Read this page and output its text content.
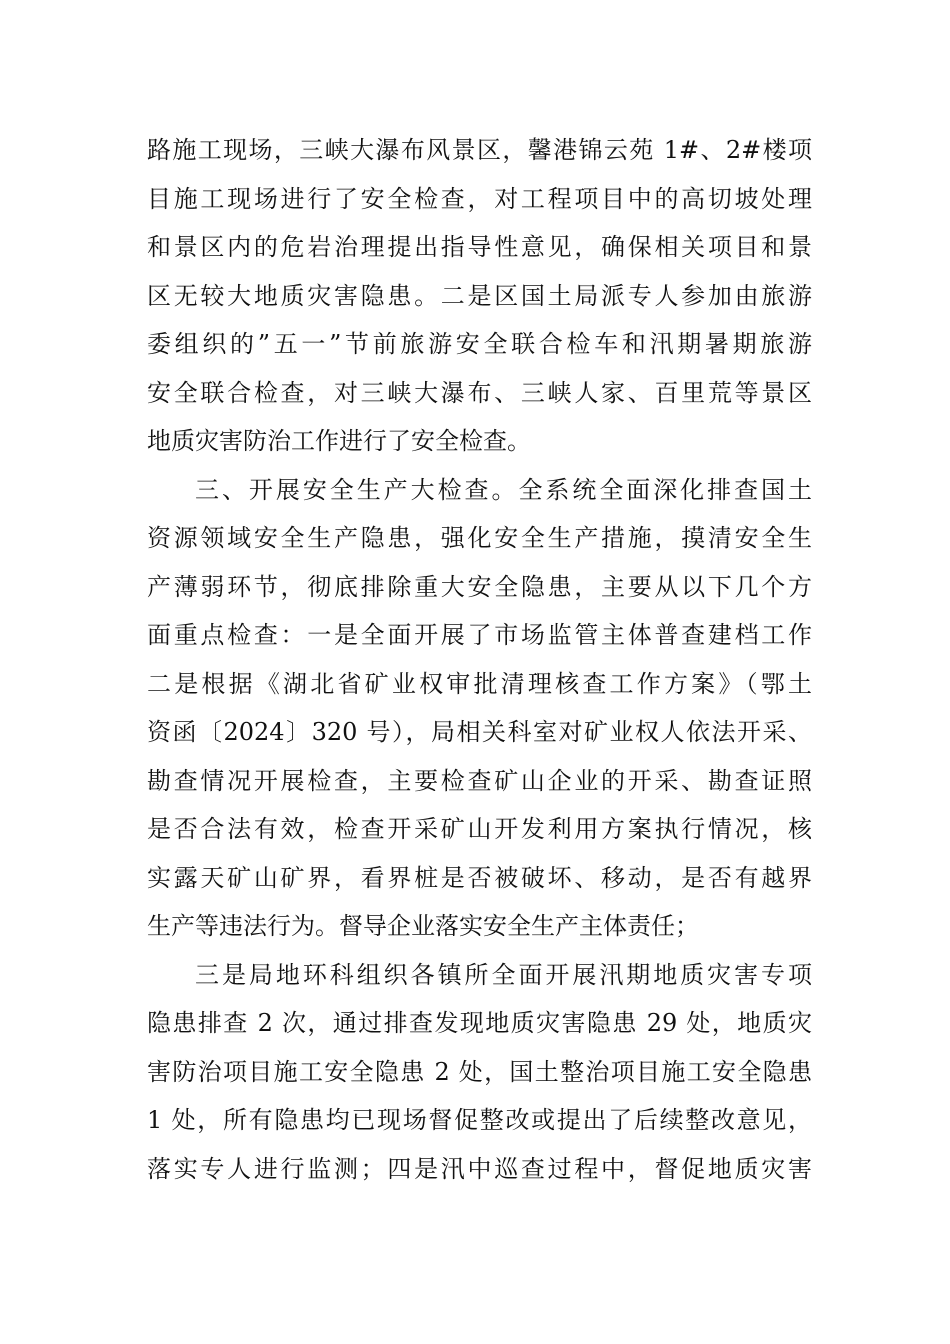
路施工现场，三峡大瀑布风景区，馨港锦云苑 1#、2#楼项
目施工现场进行了安全检查，对工程项目中的高切坡处理
和景区内的危岩治理提出指导性意见，确保相关项目和景
区无较大地质灾害隐患。二是区国土局派专人参加由旅游
委组织的”五一”节前旅游安全联合检车和汛期暑期旅游
安全联合检查，对三峡大瀑布、三峡人家、百里荒等景区
地质灾害防治工作进行了安全检查。
三、开展安全生产大检查。全系统全面深化排查国土
资源领域安全生产隐患，强化安全生产措施，摸清安全生
产薄弱环节，彻底排除重大安全隐患，主要从以下几个方
面重点检查：一是全面开展了市场监管主体普查建档工作
二是根据《湖北省矿业权审批清理核查工作方案》（鄂土
资函〔2024〕320 号），局相关科室对矿业权人依法开采、
勘查情况开展检查，主要检查矿山企业的开采、勘查证照
是否合法有效，检查开采矿山开发利用方案执行情况，核
实露天矿山矿界，看界桩是否被破坏、移动，是否有越界
生产等违法行为。督导企业落实安全生产主体责任；
三是局地环科组织各镇所全面开展汛期地质灾害专项
隐患排查 2 次，通过排查发现地质灾害隐患 29 处，地质灾
害防治项目施工安全隐患 2 处，国土整治项目施工安全隐患
1 处，所有隐患均已现场督促整改或提出了后续整改意见，
落实专人进行监测；四是汛中巡查过程中，督促地质灾害
